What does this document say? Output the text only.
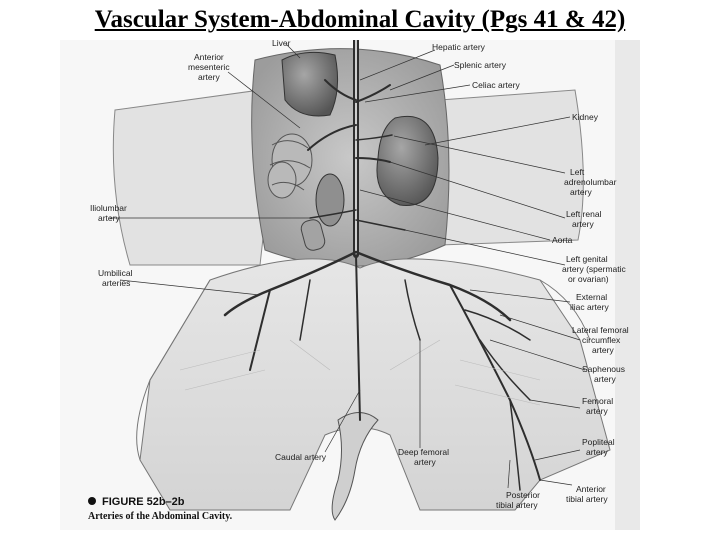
Vascular System-Abdominal Cavity (Pgs 41 & 42)
Liver
Anterior mesenteric artery
Hepatic artery
Splenic artery
Celiac artery
Kidney
Left adrenolumbar artery
Iliolumbar artery	Left renal artery
Aorta
Left genital artery (spermatic or ovarian)
Umbilical arteries
External iliac artery
Lateral femoral circumflex artery
Saphenous artery
Femoral artery
Popliteal artery
Caudal artery	Deep femoral artery
Posterior tibial artery
Anterior tibial artery
FIGURE 52b–2b
Arteries of the Abdominal Cavity.
